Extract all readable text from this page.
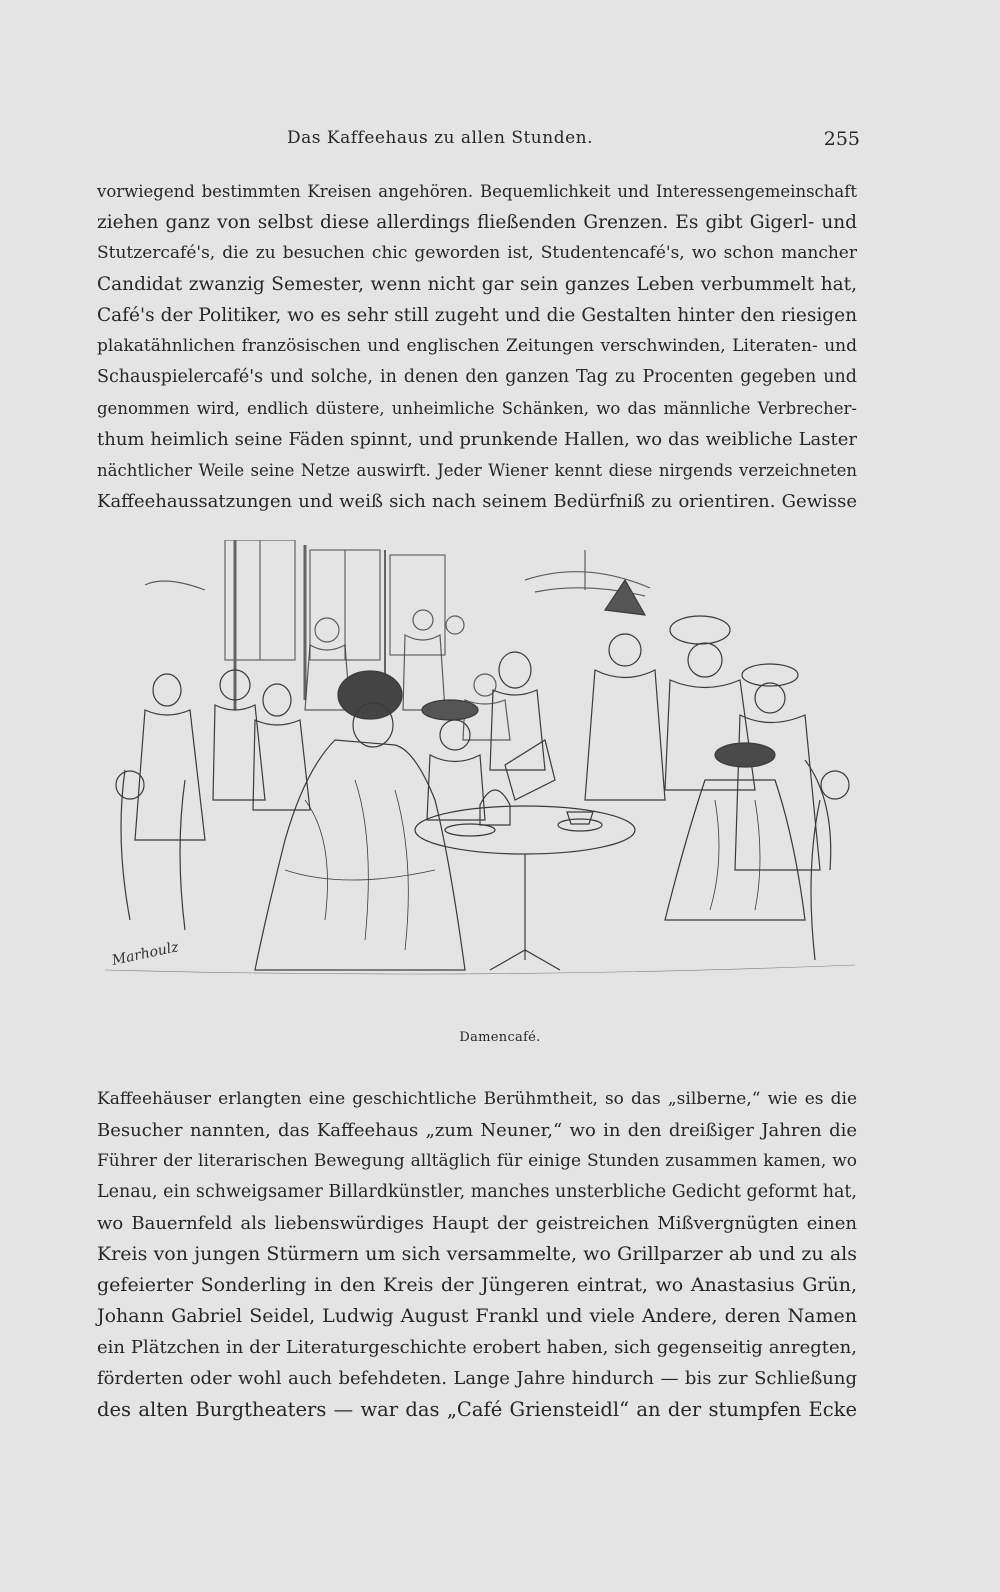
Das Kaffeehaus zu allen Stunden.	255
vorwiegend bestimmten Kreisen angehören. Bequemlichkeit und Interessengemeinschaft
ziehen ganz von selbst diese allerdings fließenden Grenzen. Es gibt Gigerl- und
Stutzercafé's, die zu besuchen chic geworden ist, Studentencafé's, wo schon mancher
Candidat zwanzig Semester, wenn nicht gar sein ganzes Leben verbummelt hat,
Café's der Politiker, wo es sehr still zugeht und die Gestalten hinter den riesigen
plakatähnlichen französischen und englischen Zeitungen verschwinden, Literaten- und
Schauspielercafé's und solche, in denen den ganzen Tag zu Procenten gegeben und
genommen wird, endlich düstere, unheimliche Schänken, wo das männliche Verbrecher-
thum heimlich seine Fäden spinnt, und prunkende Hallen, wo das weibliche Laster
nächtlicher Weile seine Netze auswirft. Jeder Wiener kennt diese nirgends verzeichneten
Kaffeehaussatzungen und weiß sich nach seinem Bedürfniß zu orientiren. Gewisse
Marhoulz
Damencafé.
Kaffeehäuser erlangten eine geschichtliche Berühmtheit, so das „silberne,“ wie es die
Besucher nannten, das Kaffeehaus „zum Neuner,“ wo in den dreißiger Jahren die
Führer der literarischen Bewegung alltäglich für einige Stunden zusammen kamen, wo
Lenau, ein schweigsamer Billardkünstler, manches unsterbliche Gedicht geformt hat,
wo Bauernfeld als liebenswürdiges Haupt der geistreichen Mißvergnügten einen
Kreis von jungen Stürmern um sich versammelte, wo Grillparzer ab und zu als
gefeierter Sonderling in den Kreis der Jüngeren eintrat, wo Anastasius Grün,
Johann Gabriel Seidel, Ludwig August Frankl und viele Andere, deren Namen
ein Plätzchen in der Literaturgeschichte erobert haben, sich gegenseitig anregten,
förderten oder wohl auch befehdeten. Lange Jahre hindurch — bis zur Schließung
des alten Burgtheaters — war das „Café Griensteidl“ an der stumpfen Ecke
